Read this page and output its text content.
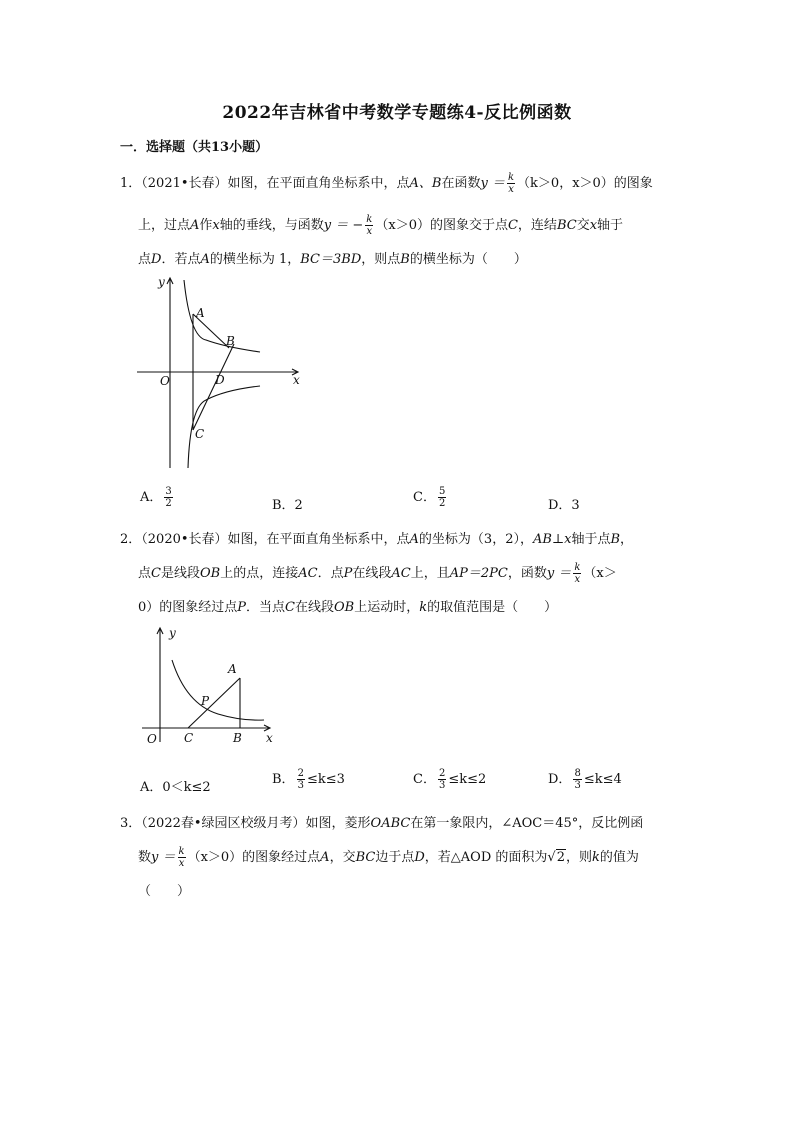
2022年吉林省中考数学专题练4-反比例函数
一．选择题（共13小题）
1．（2021•长春）如图，在平面直角坐标系中，点A、B在函数$y = \frac{k}{x} (k>0$，x＞0）的图象
上，过点A作x轴的垂线，与函数y ＝ − $\frac{k}{x} (x>0)$的图象交于点C，连结BC交x轴于
点D．若点A的横坐标为 1，BC＝3BD，则点B的横坐标为（　　）
y
x
O
A
B
D
C
A． $\frac{3}{2}$	B．2
C． $\frac{5}{2}$	D．3
2．（2020•长春）如图，在平面直角坐标系中，点A的坐标为（3，2），AB⊥x轴于点B，
点C是线段OB上的点，连接AC．点P在线段AC上，且AP＝2PC，函数$y = \frac{k}{x} (x>$
0）的图象经过点P．当点C在线段OB上运动时，k的取值范围是（　　）
y
x
O
A
P
C	B
A．0＜k≤2
B． $\frac{2}{3} \le k\le 3$	C． $\frac{2}{3} \le k\le 2$	D． $\frac{8}{3} \le k\le 4$
3．（2022春•绿园区校级月考）如图，菱形OABC在第一象限内，∠AOC＝45°，反比例函
数$y = \frac{k}{x} (x>0)$的图象经过点A，交BC边于点D，若△AOD 的面积为√2，则k的值为
（　　）
